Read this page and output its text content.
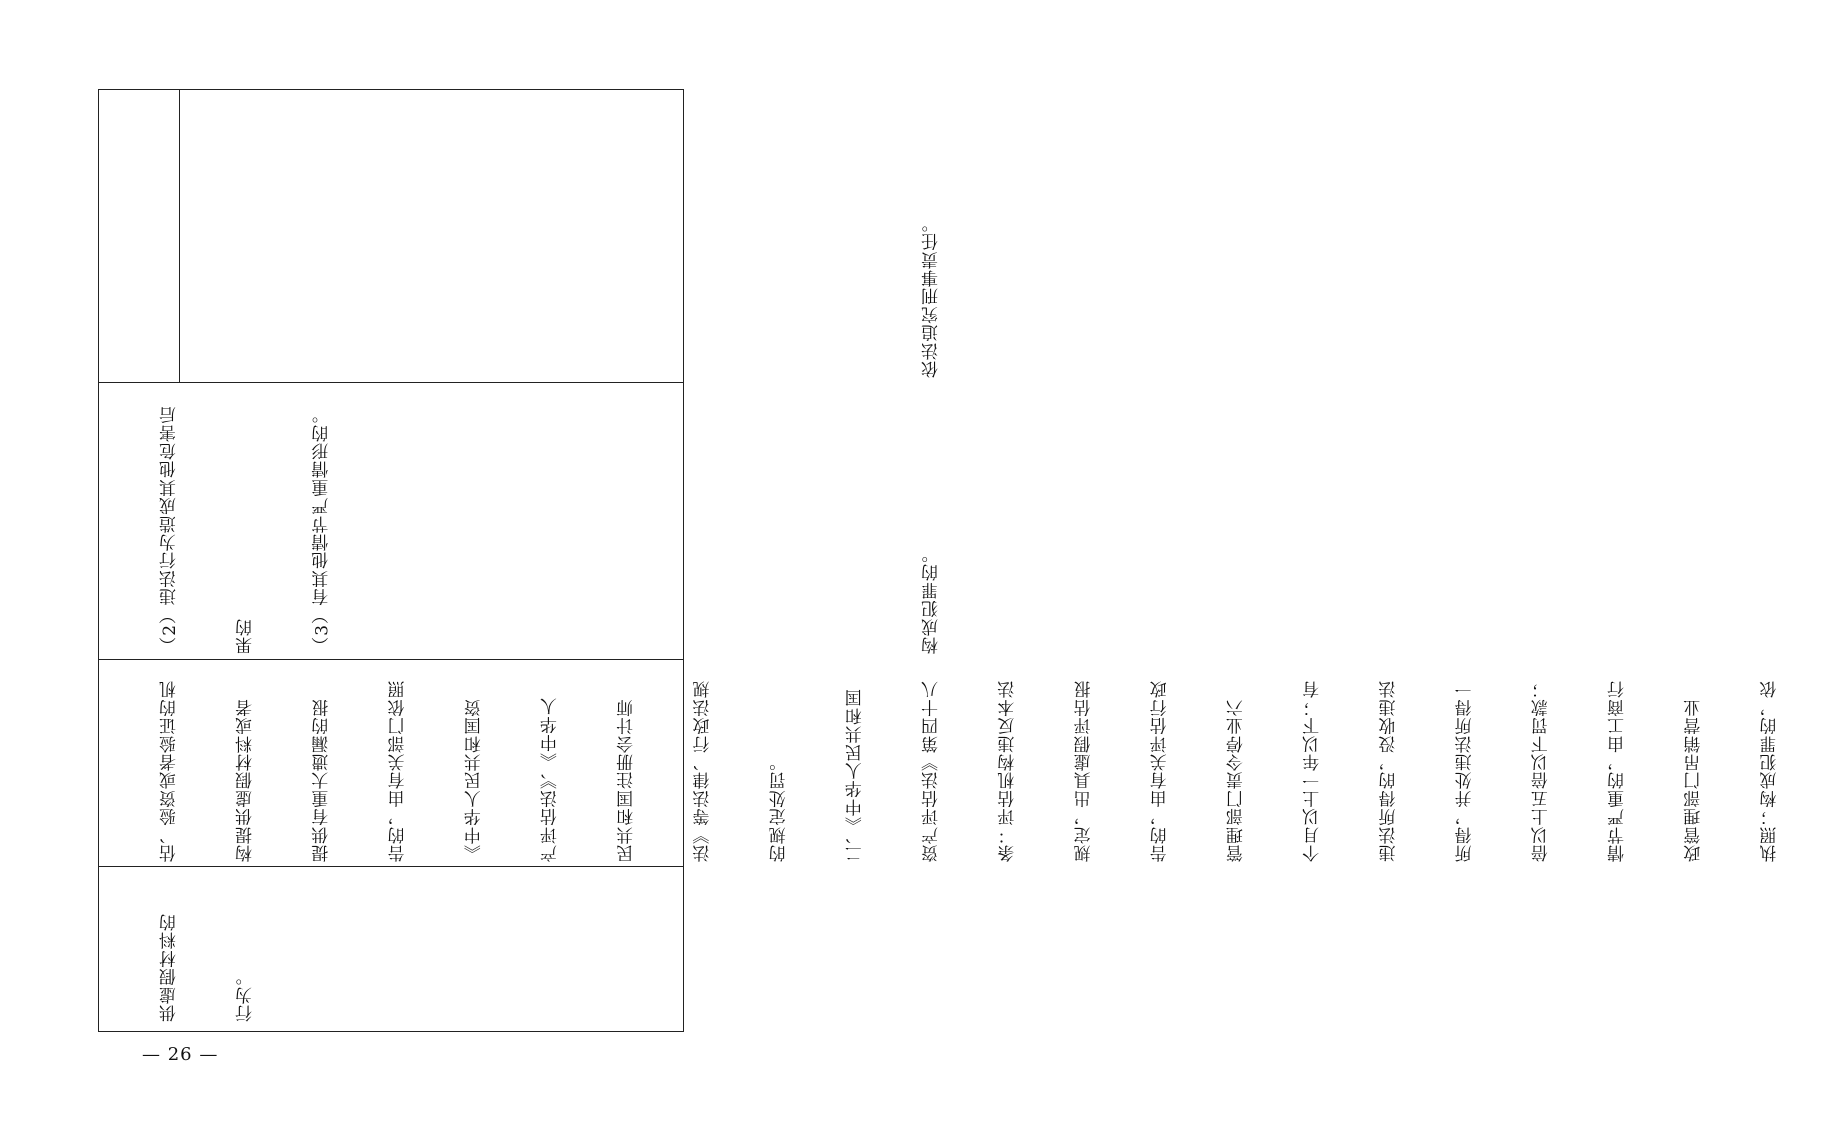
供虚假材料的

	行为。

估、验资或者验证的机

	构提供虚假材料或者

	提供有重大遗漏的报

	告的，由有关部门依照

	《中华人民共和国资

	产评估法》、《中华人

	民共和国注册会计师

	法》等法律、行政法规

	的规定处罚。

	二、《中华人民共和国

	资产评估法》第四十八

	条：评估机构违反本法

	规定，出具虚假评估报

	告的，由有关评估行政

	管理部门责令停业六

	个月以上一年以下；有

	违法所得的，没收违法

	所得，并处违法所得一

	倍以上五倍以下罚款；

	情节严重的，由工商行

	政管理部门吊销营业

	执照；构成犯罪的，依

（2）违法行为造成其他危害后

	果的

	（3）有其他情节严重情形的。

	构成犯罪的。

依法追究刑事责任。

— 26 —
